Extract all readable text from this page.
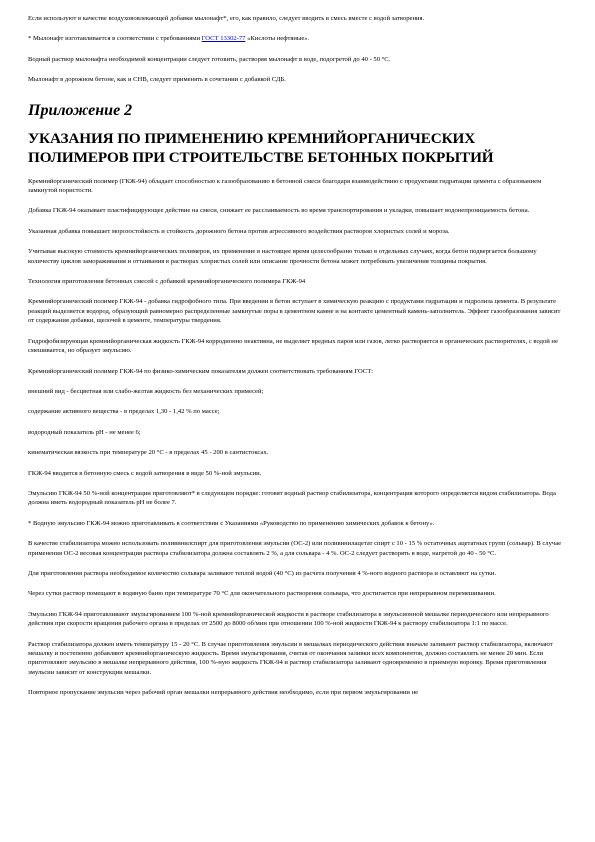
Если используют в качестве воздухововлекающей добавки мылонафт*, его, как правило, следует вводить в смесь вместе с водой затворения.

* Мылонафт изготавливается в соответствии с требованиями ГОСТ 13302-77 «Кислоты нефтяные».

Водный раствор мылонафта необходимой концентрации следует готовить, растворяя мылонафт в воде, подогретой до 40 - 50 °С.

Мылонафт в дорожном бетоне, как и СНВ, следует применять в сочетании с добавкой СДБ.

Приложение 2
УКАЗАНИЯ ПО ПРИМЕНЕНИЮ КРЕМНИЙОРГАНИЧЕСКИХ ПОЛИМЕРОВ ПРИ СТРОИТЕЛЬСТВЕ БЕТОННЫХ ПОКРЫТИЙ

Кремнийорганический полимер (ГКЖ-94) обладает способностью к газообразованию в бетонной смеси благодаря взаимодействию с продуктами гидратации цемента с образованием замкнутой пористости.

Добавка ГКЖ-94 оказывает пластифицирующее действие на смеси, снижает ее расслаиваемость во время транспортирования и укладки, повышает водонепроницаемость бетона.

Указанная добавка повышает морозостойкость и стойкость дорожного бетона против агрессивного воздействия растворов хлористых солей и мороза.

Учитывая высокую стоимость кремнийорганических полимеров, их применение в настоящее время целесообразно только в отдельных случаях, когда бетон подвергается большому количеству циклов замораживания и оттаивания в растворах хлористых солей или описание прочности бетона может потребовать увеличения толщины покрытия.

Технология приготовления бетонных смесей с добавкой кремнийорганического полимера ГКЖ-94

Кремнийорганический полимер ГКЖ-94 - добавка гидрофобного типа. При введении в бетон вступает в химическую реакцию с продуктами гидратации и гидролиза цемента. В результате реакций выделяется водород, образующий равномерно распределенные замкнутые поры в цементном камне и на контакте цементный камень-заполнитель. Эффект газообразования зависит от содержания добавки, щелочей в цементе, температуры твердения.

Гидрофобизирующая кремнийорганическая жидкость ГКЖ-94 корродионно неактивна, не выделяет вредных паров или газов, легко растворяется в органических растворителях, с водой не смешивается, но образует эмульсию.

Кремнийорганический полимер ГКЖ-94 по физико-химическим показателям должен соответствовать требованиям ГОСТ:

внешний вид - бесцветная или слабо-желтая жидкость без механических примесей;

содержание активного вещества - в пределах 1,30 - 1,42 % по массе;

водородный показатель pH - не менее 6;

кинематическая вязкость при температуре 20 °С - в пределах 45 - 200 в сантистоксах.

ГКЖ-94 вводится в бетонную смесь с водой затворения в виде 50 %-ной эмульсии.

Эмульсию ГКЖ-94 50 %-ной концентрации приготовляют* в следующем порядке: готовят водный раствор стабилизатора, концентрация которого определяется видом стабилизатора. Вода должна иметь водородный показатель pH не более 7.

* Водную эмульсию ГКЖ-94 можно приготавливать в соответствии с Указаниями «Руководство по применению химических добавок к бетону».

В качестве стабилизатора можно использовать поливинилспирт для приготовления эмульсии (ОС-2) или поливинилацетат спирт с 10 - 15 % остаточных ацетатных групп (сольвар). В случае применения ОС-2 весовая концентрация раствора стабилизатора должна составлять 2 %, а для сольвара - 4 %. ОС-2 следует растворять в воде, нагретой до 40 - 50 °С.

Для приготовления раствора необходимое количество сольвара заливают теплой водой (40 °С) из расчета получения 4 %-ного водного раствора и оставляют на сутки.

Через сутки раствор помещают в водяную баню при температуре 70 °С для окончательного растворения сольвара, что достигается при непрерывном перемешивании.

Эмульсию ГКЖ-94 приготавливают эмульгированием 100 %-ной кремнийорганической жидкости в растворе стабилизатора в эмульсионной мешалке периодического или непрерывного действия при скорости вращения рабочего органа в пределах от 2500 до 8000 об/мин при отношении 100 %-ной жидкости ГКЖ-94 к раствору стабилизатора 1:1 по массе.

Раствор стабилизатора должен иметь температуру 15 - 20 °С. В случае приготовления эмульсии в мешалках периодического действия вначале заливают раствор стабилизатора, включают мешалку и постепенно добавляют кремнийорганическую жидкость. Время эмульгирования, считая от окончания заливки всех компонентов, должно составлять не менее 20 мин. Если приготовляют эмульсию в мешалке непрерывного действия, 100 %-ную жидкость ГКЖ-94 и раствор стабилизатора заливают одновременно в приемную воронку. Время приготовления эмульсии зависит от конструкции мешалки.

Повторное пропускание эмульсии через рабочий орган мешалки непрерывного действия необходимо, если при первом эмульгировании не
